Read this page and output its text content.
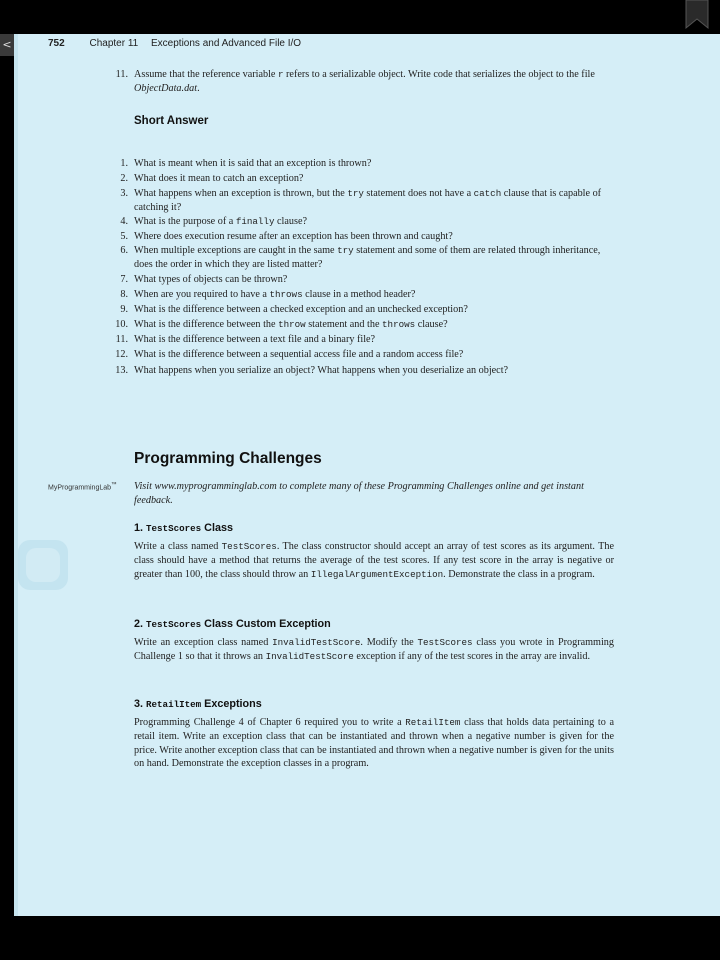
<	752 Chapter 11 Exceptions and Advanced File I/O
11. Assume that the reference variable r refers to a serializable object. Write code that serializes the object to the file ObjectData.dat.
Short Answer
1. What is meant when it is said that an exception is thrown?
2. What does it mean to catch an exception?
3. What happens when an exception is thrown, but the try statement does not have a catch clause that is capable of catching it?
4. What is the purpose of a finally clause?
5. Where does execution resume after an exception has been thrown and caught?
6. When multiple exceptions are caught in the same try statement and some of them are related through inheritance, does the order in which they are listed matter?
7. What types of objects can be thrown?
8. When are you required to have a throws clause in a method header?
9. What is the difference between a checked exception and an unchecked exception?
10. What is the difference between the throw statement and the throws clause?
11. What is the difference between a text file and a binary file?
12. What is the difference between a sequential access file and a random access file?
13. What happens when you serialize an object? What happens when you deserialize an object?
Programming Challenges
MyProgrammingLab™ Visit www.myprogramminglab.com to complete many of these Programming Challenges online and get instant feedback.
1. TestScores Class
Write a class named TestScores. The class constructor should accept an array of test scores as its argument. The class should have a method that returns the average of the test scores. If any test score in the array is negative or greater than 100, the class should throw an IllegalArgumentException. Demonstrate the class in a program.
2. TestScores Class Custom Exception
Write an exception class named InvalidTestScore. Modify the TestScores class you wrote in Programming Challenge 1 so that it throws an InvalidTestScore exception if any of the test scores in the array are invalid.
3. RetailItem Exceptions
Programming Challenge 4 of Chapter 6 required you to write a RetailItem class that holds data pertaining to a retail item. Write an exception class that can be instantiated and thrown when a negative number is given for the price. Write another exception class that can be instantiated and thrown when a negative number is given for the units on hand. Demonstrate the exception classes in a program.
